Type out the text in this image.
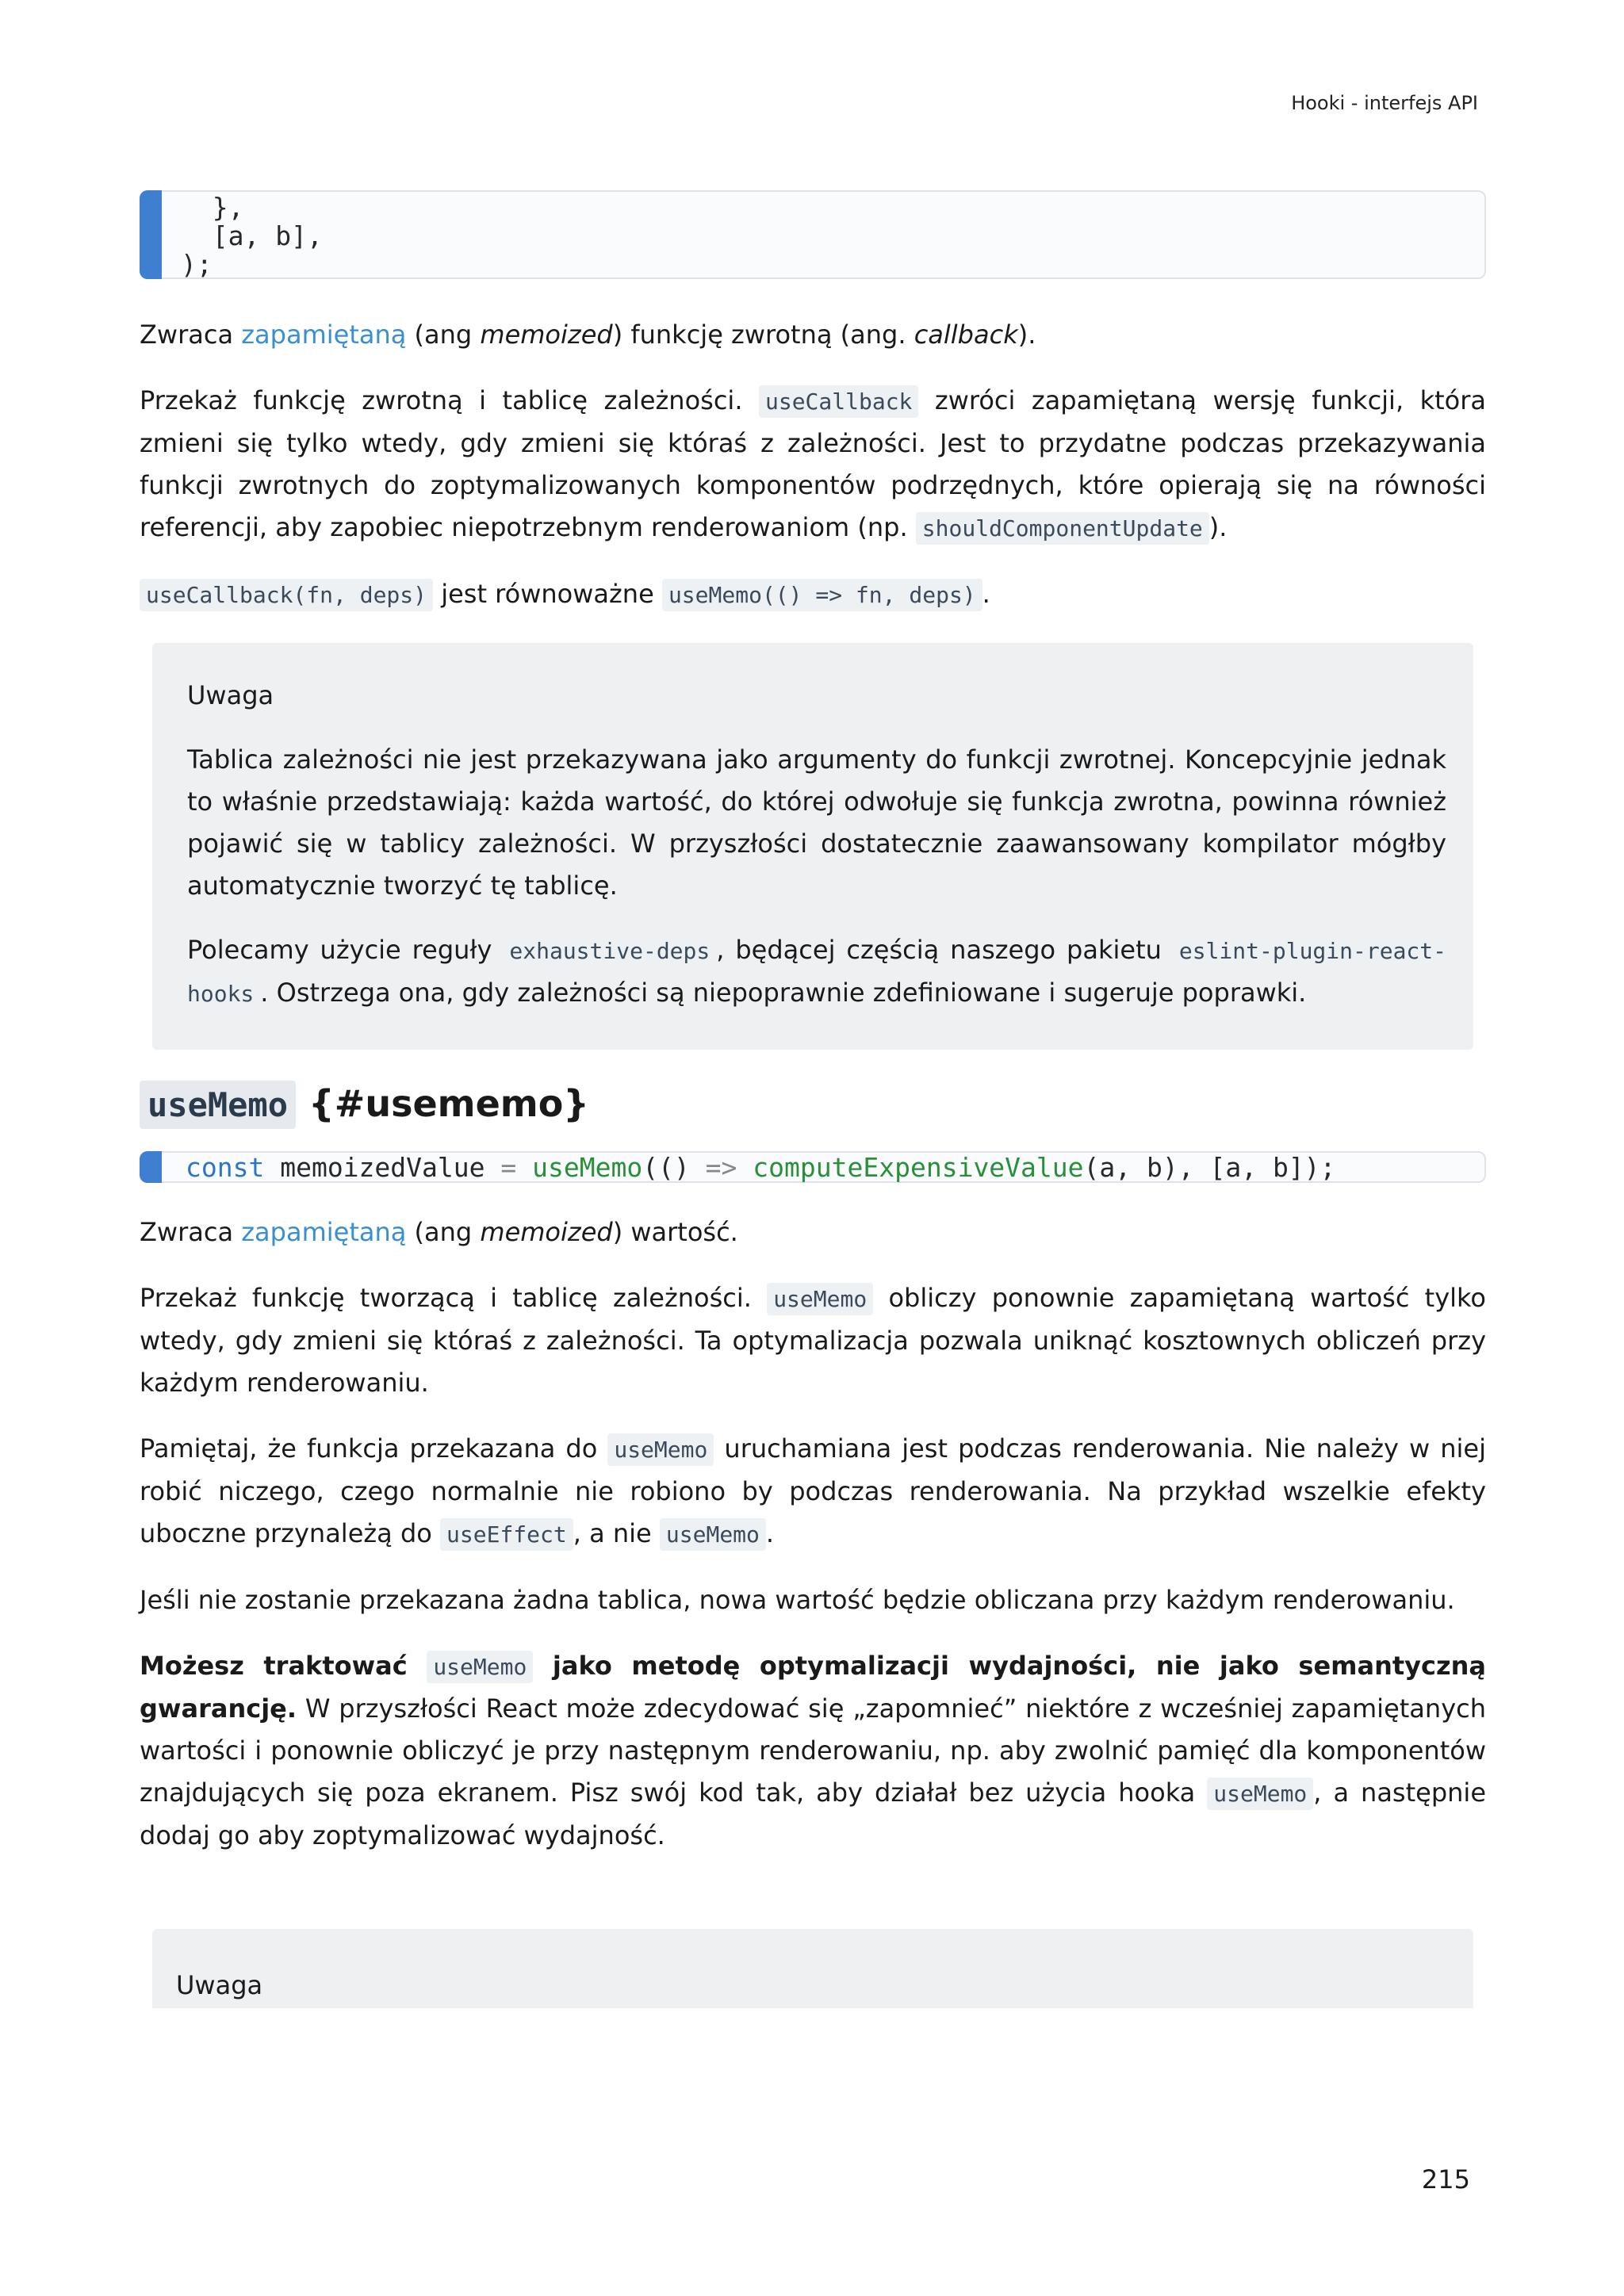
Hooki - interfejs API
},
[a, b],
);

Zwraca zapamiętaną (ang memoized) funkcję zwrotną (ang. callback).

Przekaż funkcję zwrotną i tablicę zależności. useCallback zwróci zapamiętaną wersję funkcji, która zmieni się tylko wtedy, gdy zmieni się któraś z zależności. Jest to przydatne podczas przekazywania funkcji zwrotnych do zoptymalizowanych komponentów podrzędnych, które opierają się na równości referencji, aby zapobiec niepotrzebnym renderowaniom (np. shouldComponentUpdate ).

useCallback(fn, deps) jest równoważne useMemo(() => fn, deps) .

Uwaga

Tablica zależności nie jest przekazywana jako argumenty do funkcji zwrotnej. Koncepcyjnie jednak to właśnie przedstawiają: każda wartość, do której odwołuje się funkcja zwrotna, powinna również pojawić się w tablicy zależności. W przyszłości dostatecznie zaawansowany kompilator mógłby automatycznie tworzyć tę tablicę.

Polecamy użycie reguły exhaustive-deps , będącej częścią naszego pakietu eslint-plugin-react-hooks . Ostrzega ona, gdy zależności są niepoprawnie zdefiniowane i sugeruje poprawki.

useMemo {#usememo}
const memoizedValue = useMemo(() => computeExpensiveValue(a, b), [a, b]);

Zwraca zapamiętaną (ang memoized) wartość.

Przekaż funkcję tworzącą i tablicę zależności. useMemo obliczy ponownie zapamiętaną wartość tylko wtedy, gdy zmieni się któraś z zależności. Ta optymalizacja pozwala uniknąć kosztownych obliczeń przy każdym renderowaniu.

Pamiętaj, że funkcja przekazana do useMemo uruchamiana jest podczas renderowania. Nie należy w niej robić niczego, czego normalnie nie robiono by podczas renderowania. Na przykład wszelkie efekty uboczne przynależą do useEffect , a nie useMemo .

Jeśli nie zostanie przekazana żadna tablica, nowa wartość będzie obliczana przy każdym renderowaniu.

Możesz traktować useMemo jako metodę optymalizacji wydajności, nie jako semantyczną gwarancję. W przyszłości React może zdecydować się „zapomnieć” niektóre z wcześniej zapamiętanych wartości i ponownie obliczyć je przy następnym renderowaniu, np. aby zwolnić pamięć dla komponentów znajdujących się poza ekranem. Pisz swój kod tak, aby działał bez użycia hooka useMemo , a następnie dodaj go aby zoptymalizować wydajność.

Uwaga
215
